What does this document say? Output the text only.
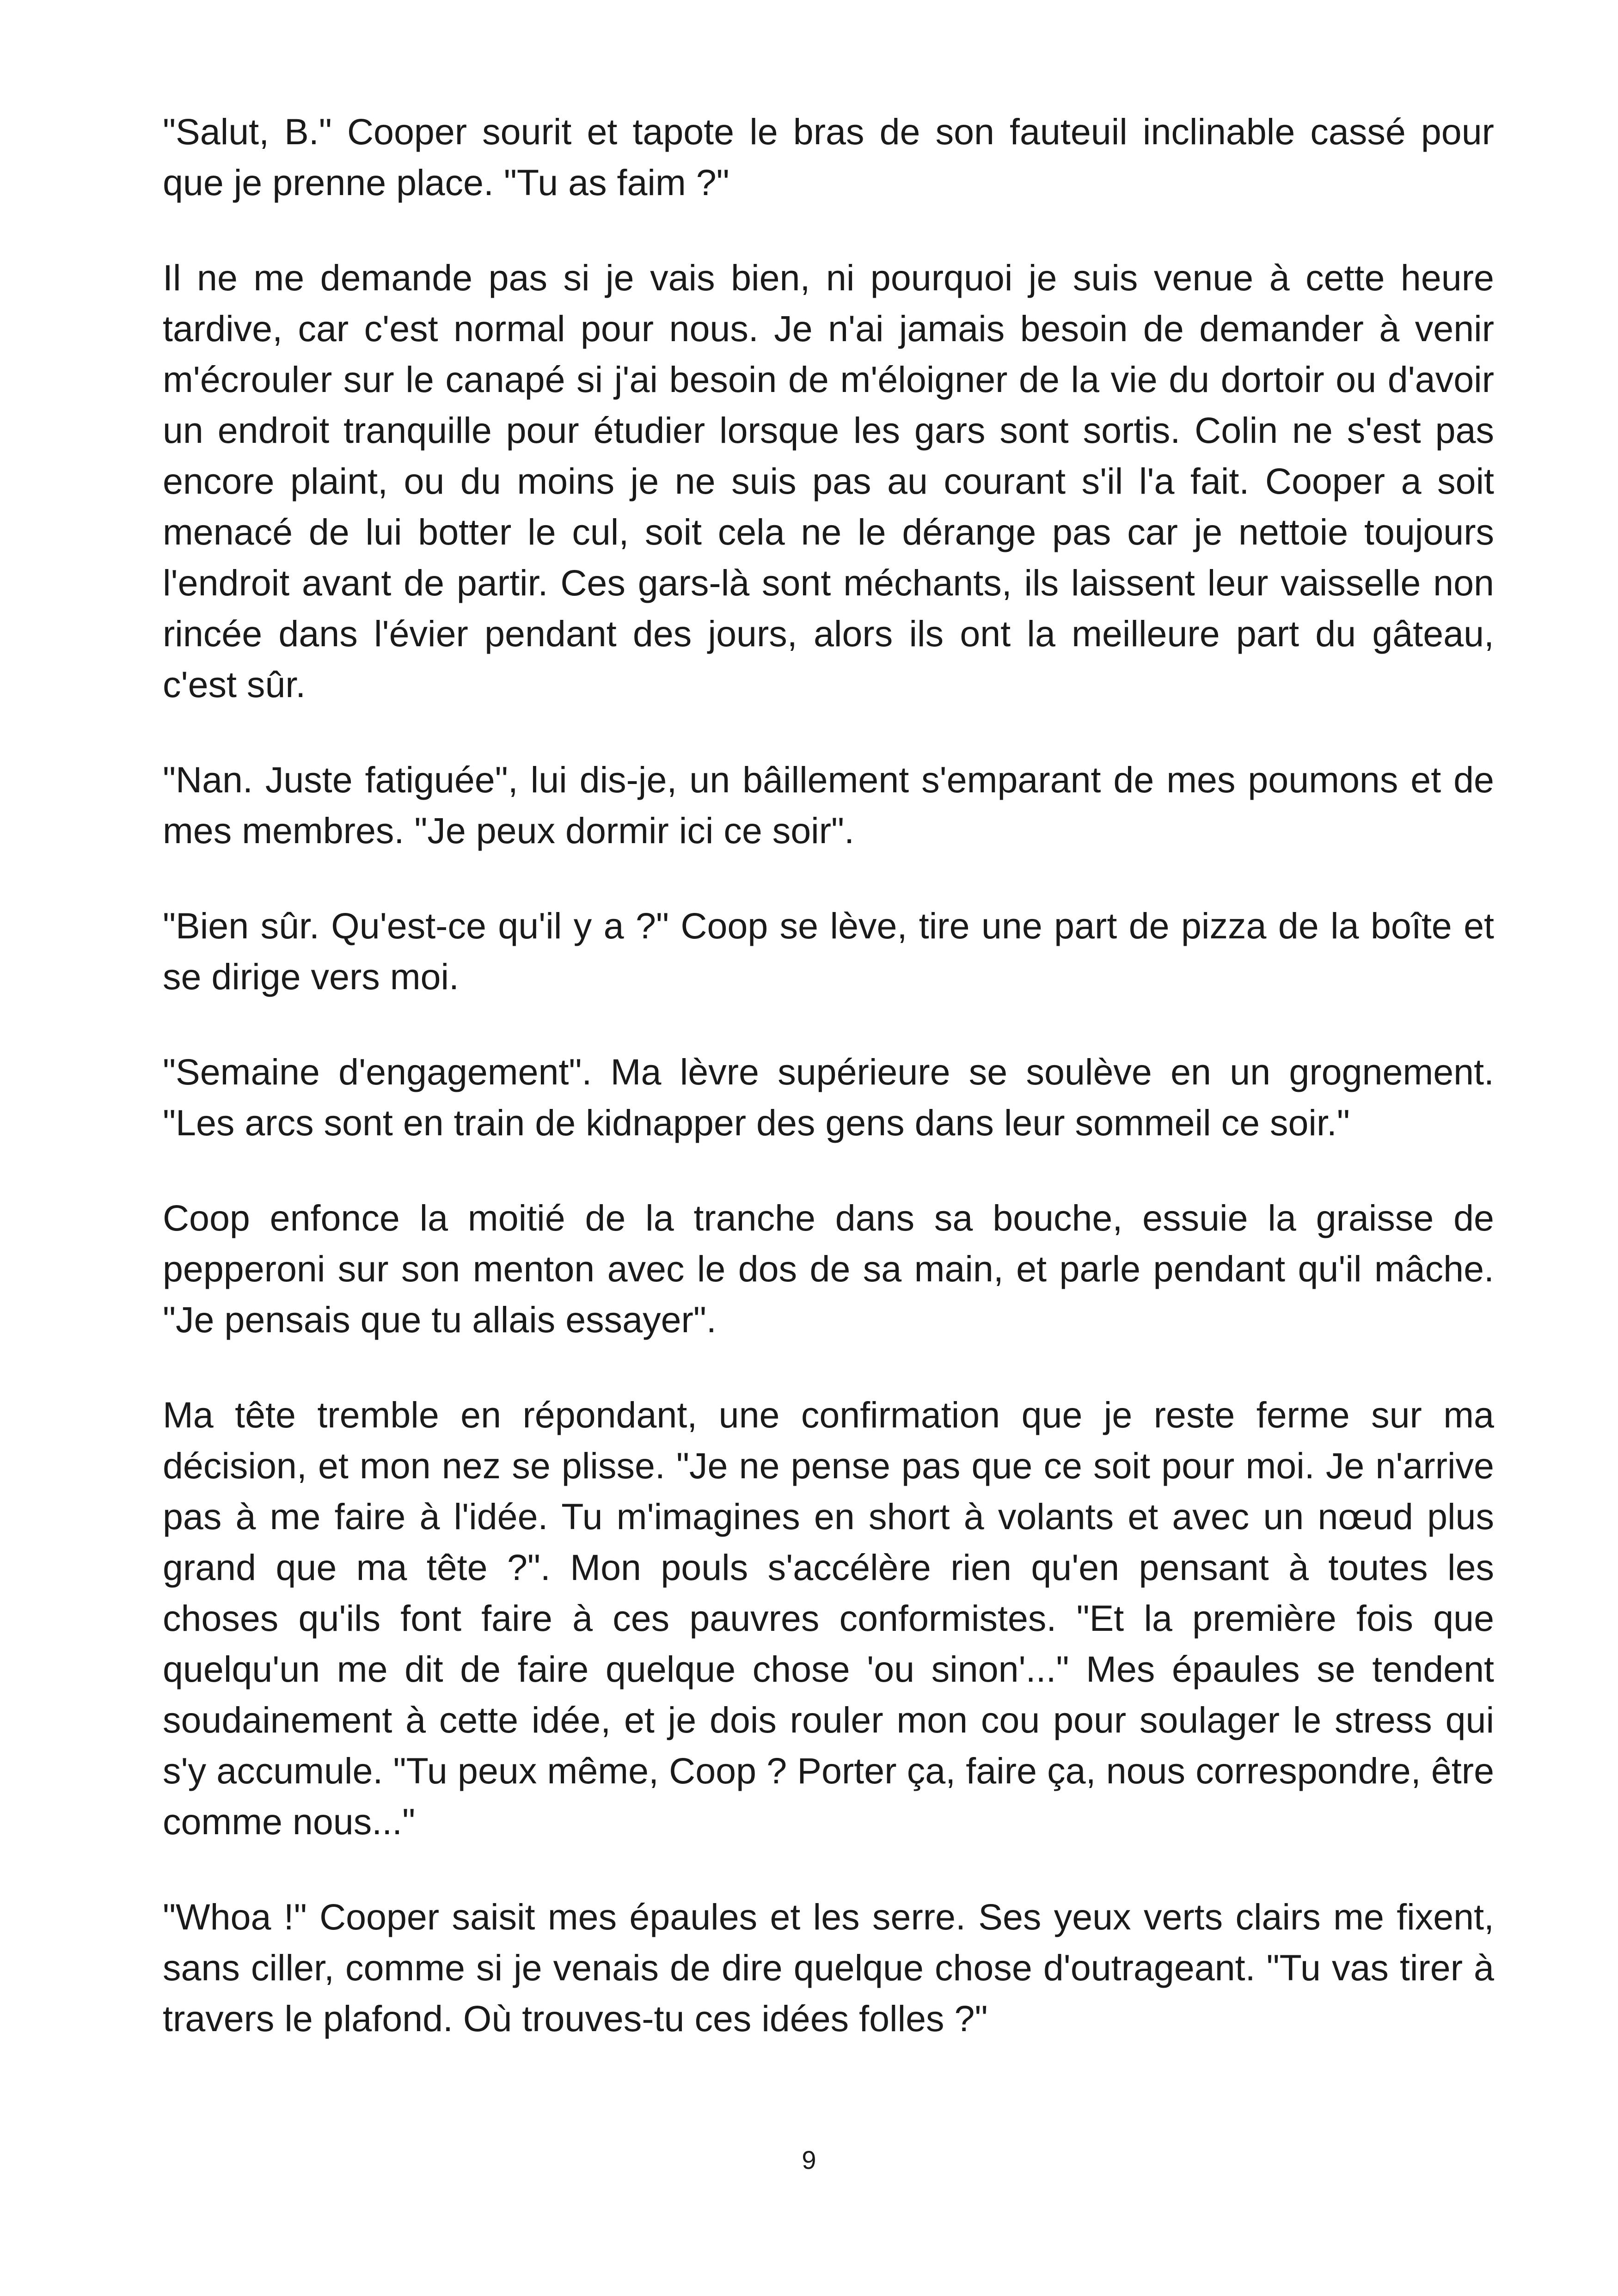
"Salut, B." Cooper sourit et tapote le bras de son fauteuil inclinable cassé pour que je prenne place. "Tu as faim ?"

Il ne me demande pas si je vais bien, ni pourquoi je suis venue à cette heure tardive, car c'est normal pour nous. Je n'ai jamais besoin de demander à venir m'écrouler sur le canapé si j'ai besoin de m'éloigner de la vie du dortoir ou d'avoir un endroit tranquille pour étudier lorsque les gars sont sortis. Colin ne s'est pas encore plaint, ou du moins je ne suis pas au courant s'il l'a fait. Cooper a soit menacé de lui botter le cul, soit cela ne le dérange pas car je nettoie toujours l'endroit avant de partir. Ces gars-là sont méchants, ils laissent leur vaisselle non rincée dans l'évier pendant des jours, alors ils ont la meilleure part du gâteau, c'est sûr.

"Nan. Juste fatiguée", lui dis-je, un bâillement s'emparant de mes poumons et de mes membres. "Je peux dormir ici ce soir".

"Bien sûr. Qu'est-ce qu'il y a ?" Coop se lève, tire une part de pizza de la boîte et se dirige vers moi.

"Semaine d'engagement". Ma lèvre supérieure se soulève en un grognement. "Les arcs sont en train de kidnapper des gens dans leur sommeil ce soir."

Coop enfonce la moitié de la tranche dans sa bouche, essuie la graisse de pepperoni sur son menton avec le dos de sa main, et parle pendant qu'il mâche. "Je pensais que tu allais essayer".

Ma tête tremble en répondant, une confirmation que je reste ferme sur ma décision, et mon nez se plisse. "Je ne pense pas que ce soit pour moi. Je n'arrive pas à me faire à l'idée. Tu m'imagines en short à volants et avec un nœud plus grand que ma tête ?". Mon pouls s'accélère rien qu'en pensant à toutes les choses qu'ils font faire à ces pauvres conformistes. "Et la première fois que quelqu'un me dit de faire quelque chose 'ou sinon'..." Mes épaules se tendent soudainement à cette idée, et je dois rouler mon cou pour soulager le stress qui s'y accumule. "Tu peux même, Coop ? Porter ça, faire ça, nous correspondre, être comme nous..."

"Whoa !" Cooper saisit mes épaules et les serre. Ses yeux verts clairs me fixent, sans ciller, comme si je venais de dire quelque chose d'outrageant. "Tu vas tirer à travers le plafond. Où trouves-tu ces idées folles ?"

9
